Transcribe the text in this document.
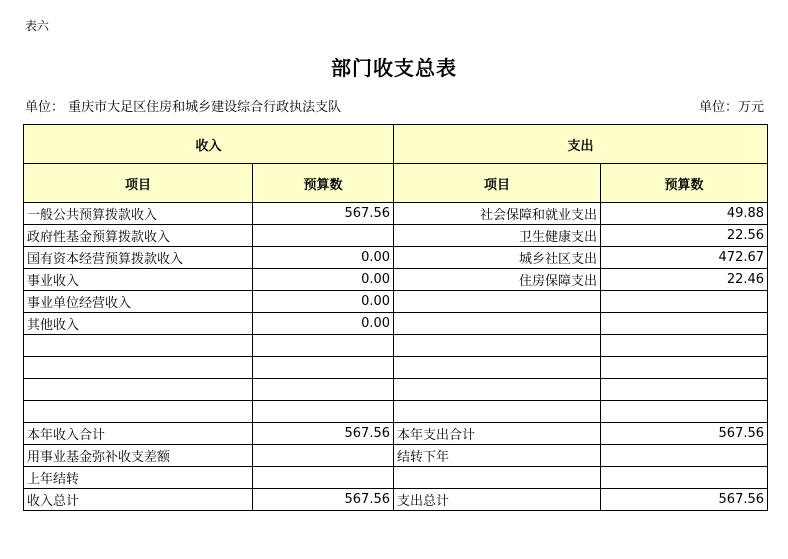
表六
部门收支总表
单位： 重庆市大足区住房和城乡建设综合行政执法支队	单位：万元
收入		支出	
项目	预算数	项目	预算数
一般公共预算拨款收入	567.56	社会保障和就业支出	49.88
政府性基金预算拨款收入		卫生健康支出	22.56
国有资本经营预算拨款收入	0.00	城乡社区支出	472.67
事业收入	0.00	住房保障支出	22.46
事业单位经营收入	0.00		
其他收入	0.00		

本年收入合计	567.56	本年支出合计	567.56
用事业基金弥补收支差额		结转下年	
上年结转			
收入总计	567.56	支出总计	567.56
